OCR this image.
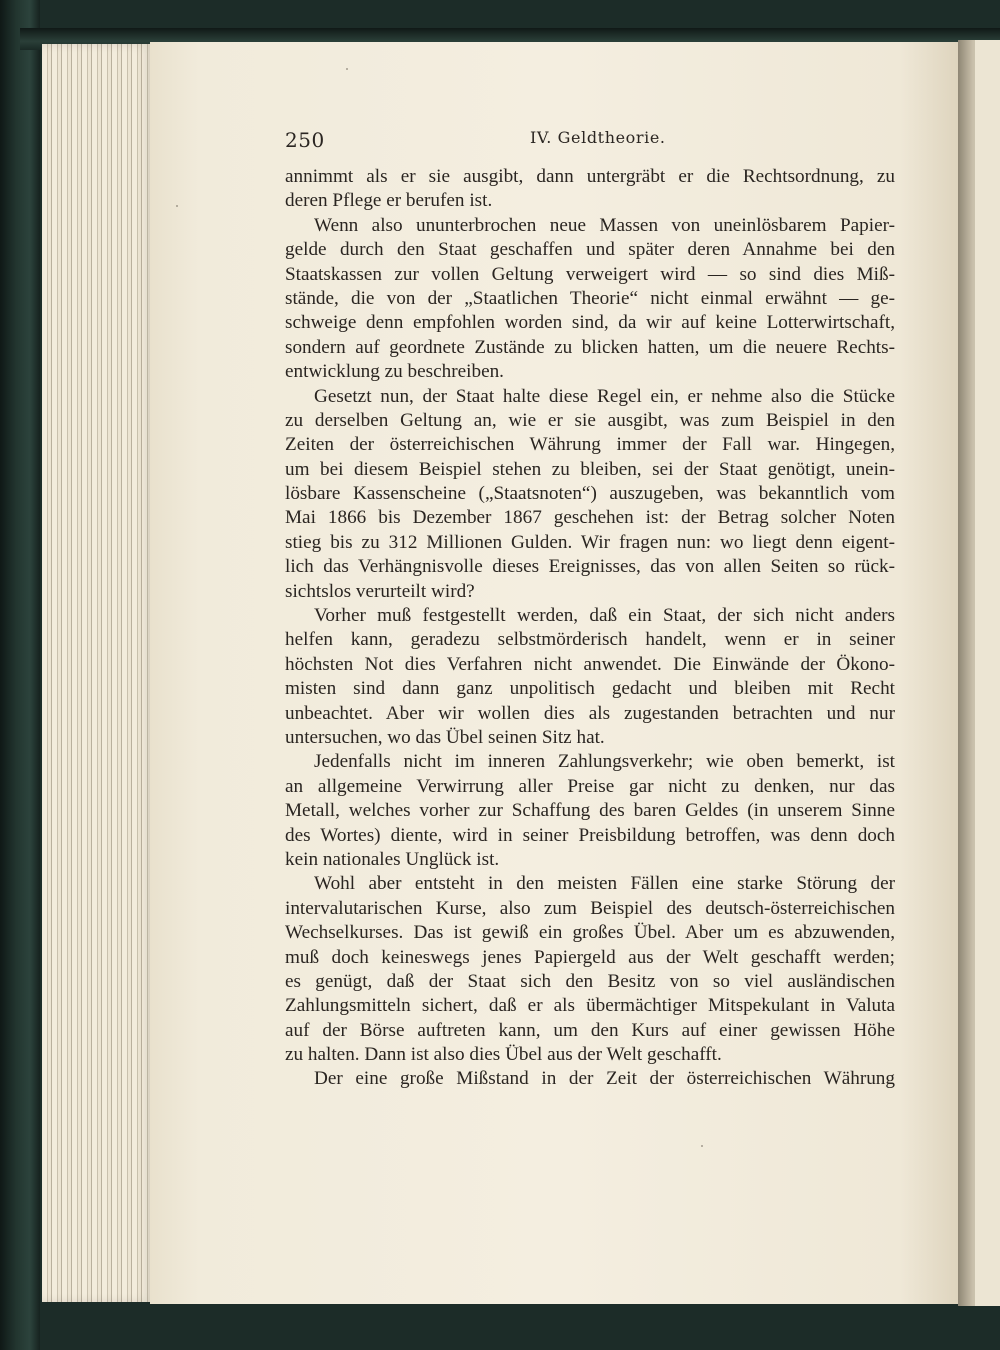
250	IV. Geldtheorie.
annimmt als er sie ausgibt, dann untergräbt er die Rechtsordnung, zu
deren Pflege er berufen ist.
Wenn also ununterbrochen neue Massen von uneinlösbarem Papier-
gelde durch den Staat geschaffen und später deren Annahme bei den
Staatskassen zur vollen Geltung verweigert wird — so sind dies Miß-
stände, die von der „Staatlichen Theorie“ nicht einmal erwähnt — ge-
schweige denn empfohlen worden sind, da wir auf keine Lotterwirtschaft,
sondern auf geordnete Zustände zu blicken hatten, um die neuere Rechts-
entwicklung zu beschreiben.
Gesetzt nun, der Staat halte diese Regel ein, er nehme also die Stücke
zu derselben Geltung an, wie er sie ausgibt, was zum Beispiel in den
Zeiten der österreichischen Währung immer der Fall war. Hingegen,
um bei diesem Beispiel stehen zu bleiben, sei der Staat genötigt, unein-
lösbare Kassenscheine („Staatsnoten“) auszugeben, was bekanntlich vom
Mai 1866 bis Dezember 1867 geschehen ist: der Betrag solcher Noten
stieg bis zu 312 Millionen Gulden. Wir fragen nun: wo liegt denn eigent-
lich das Verhängnisvolle dieses Ereignisses, das von allen Seiten so rück-
sichtslos verurteilt wird?
Vorher muß festgestellt werden, daß ein Staat, der sich nicht anders
helfen kann, geradezu selbstmörderisch handelt, wenn er in seiner
höchsten Not dies Verfahren nicht anwendet. Die Einwände der Ökono-
misten sind dann ganz unpolitisch gedacht und bleiben mit Recht
unbeachtet. Aber wir wollen dies als zugestanden betrachten und nur
untersuchen, wo das Übel seinen Sitz hat.
Jedenfalls nicht im inneren Zahlungsverkehr; wie oben bemerkt, ist
an allgemeine Verwirrung aller Preise gar nicht zu denken, nur das
Metall, welches vorher zur Schaffung des baren Geldes (in unserem Sinne
des Wortes) diente, wird in seiner Preisbildung betroffen, was denn doch
kein nationales Unglück ist.
Wohl aber entsteht in den meisten Fällen eine starke Störung der
intervalutarischen Kurse, also zum Beispiel des deutsch-österreichischen
Wechselkurses. Das ist gewiß ein großes Übel. Aber um es abzuwenden,
muß doch keineswegs jenes Papiergeld aus der Welt geschafft werden;
es genügt, daß der Staat sich den Besitz von so viel ausländischen
Zahlungsmitteln sichert, daß er als übermächtiger Mitspekulant in Valuta
auf der Börse auftreten kann, um den Kurs auf einer gewissen Höhe
zu halten. Dann ist also dies Übel aus der Welt geschafft.
Der eine große Mißstand in der Zeit der österreichischen Währung
